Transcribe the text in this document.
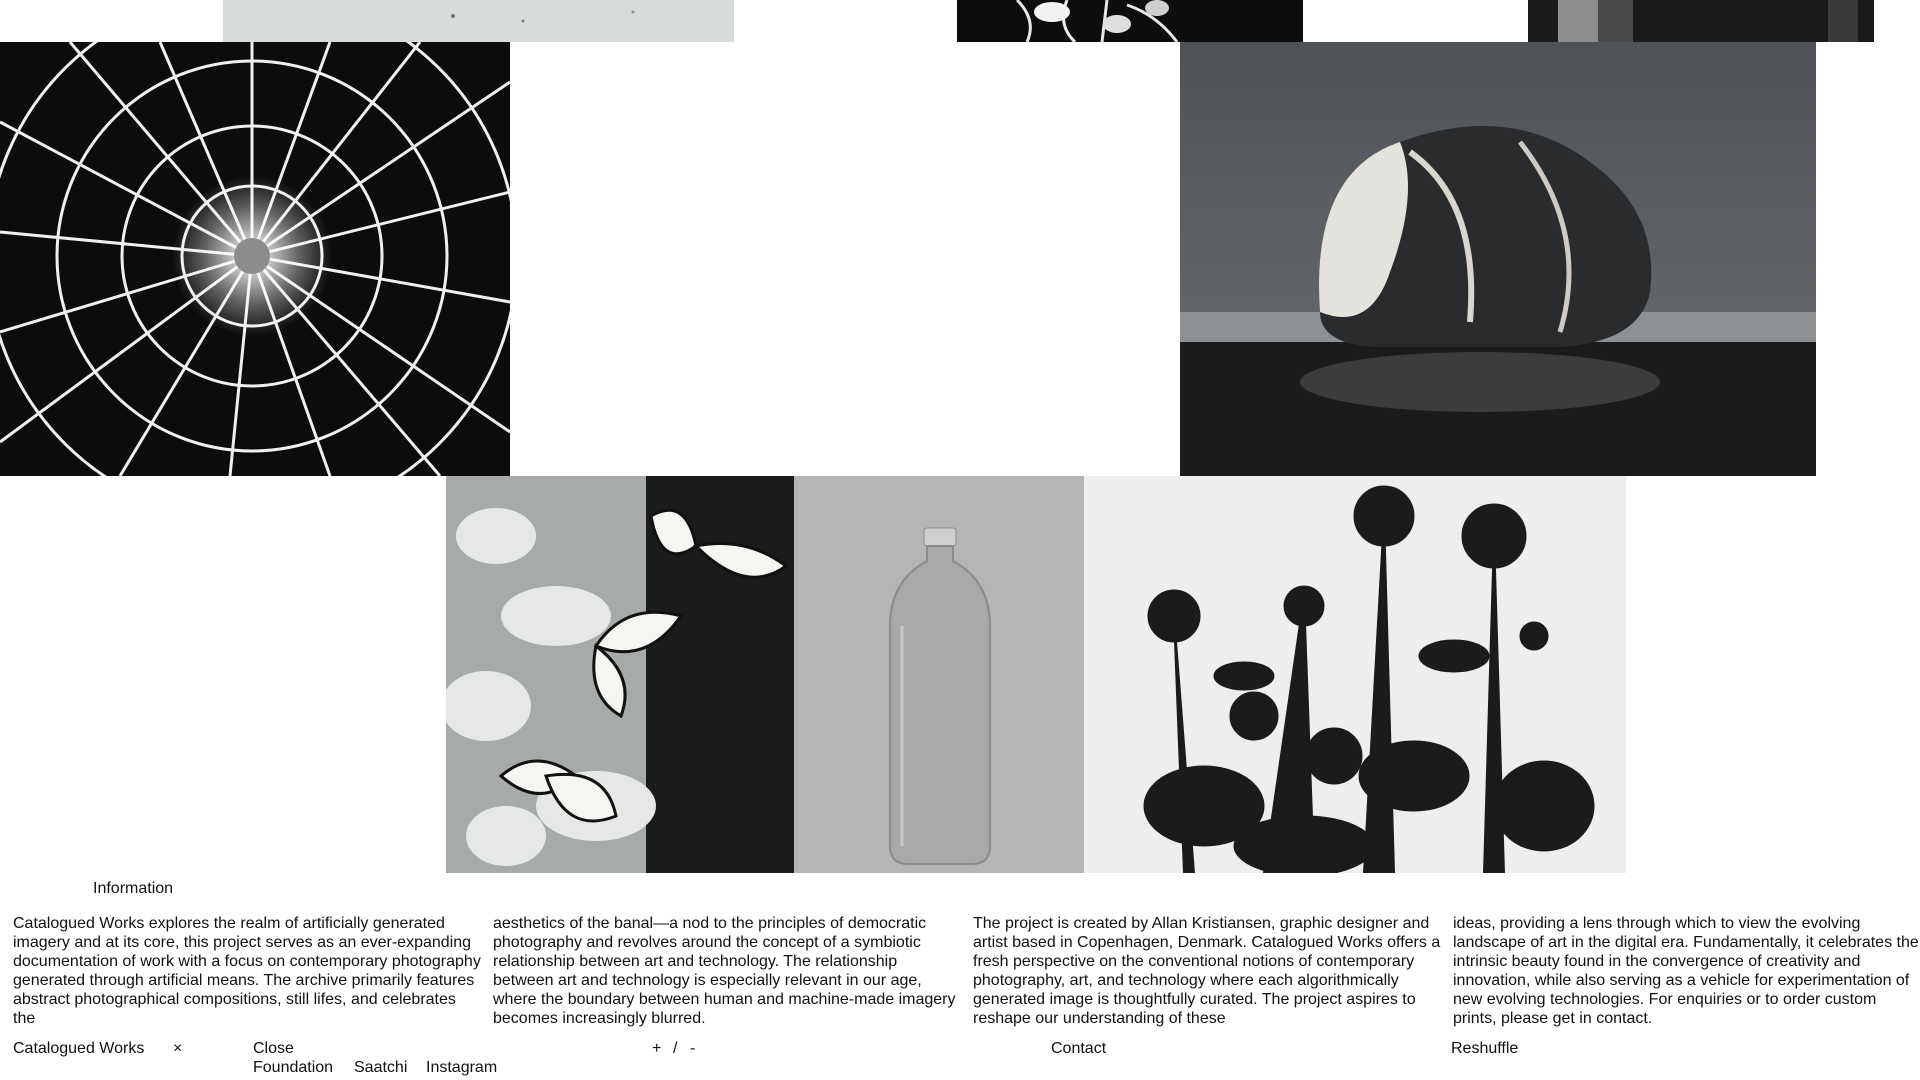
Information

Catalogued Works explores the realm of artificially generated imagery and at its core, this project serves as an ever-expanding documentation of work with a focus on contemporary photography generated through artificial means. The archive primarily features abstract photographical compositions, still lifes, and celebrates the

aesthetics of the banal—a nod to the principles of democratic photography and revolves around the concept of a symbiotic relationship between art and technology. The relationship between art and technology is especially relevant in our age, where the boundary between human and machine-made imagery becomes increasingly blurred.

The project is created by Allan Kristiansen, graphic designer and artist based in Copenhagen, Denmark. Catalogued Works offers a fresh perspective on the conventional notions of contemporary photography, art, and technology where each algorithmically generated image is thoughtfully curated. The project aspires to reshape our understanding of these

ideas, providing a lens through which to view the evolving landscape of art in the digital era. Fundamentally, it celebrates the intrinsic beauty found in the convergence of creativity and innovation, while also serving as a vehicle for experimentation of new evolving technologies. For enquiries or to order custom prints, please get in contact.

Catalogued Works ×	Close
Foundation Saatchi Instagram
+ / -	Contact	Reshuffle
